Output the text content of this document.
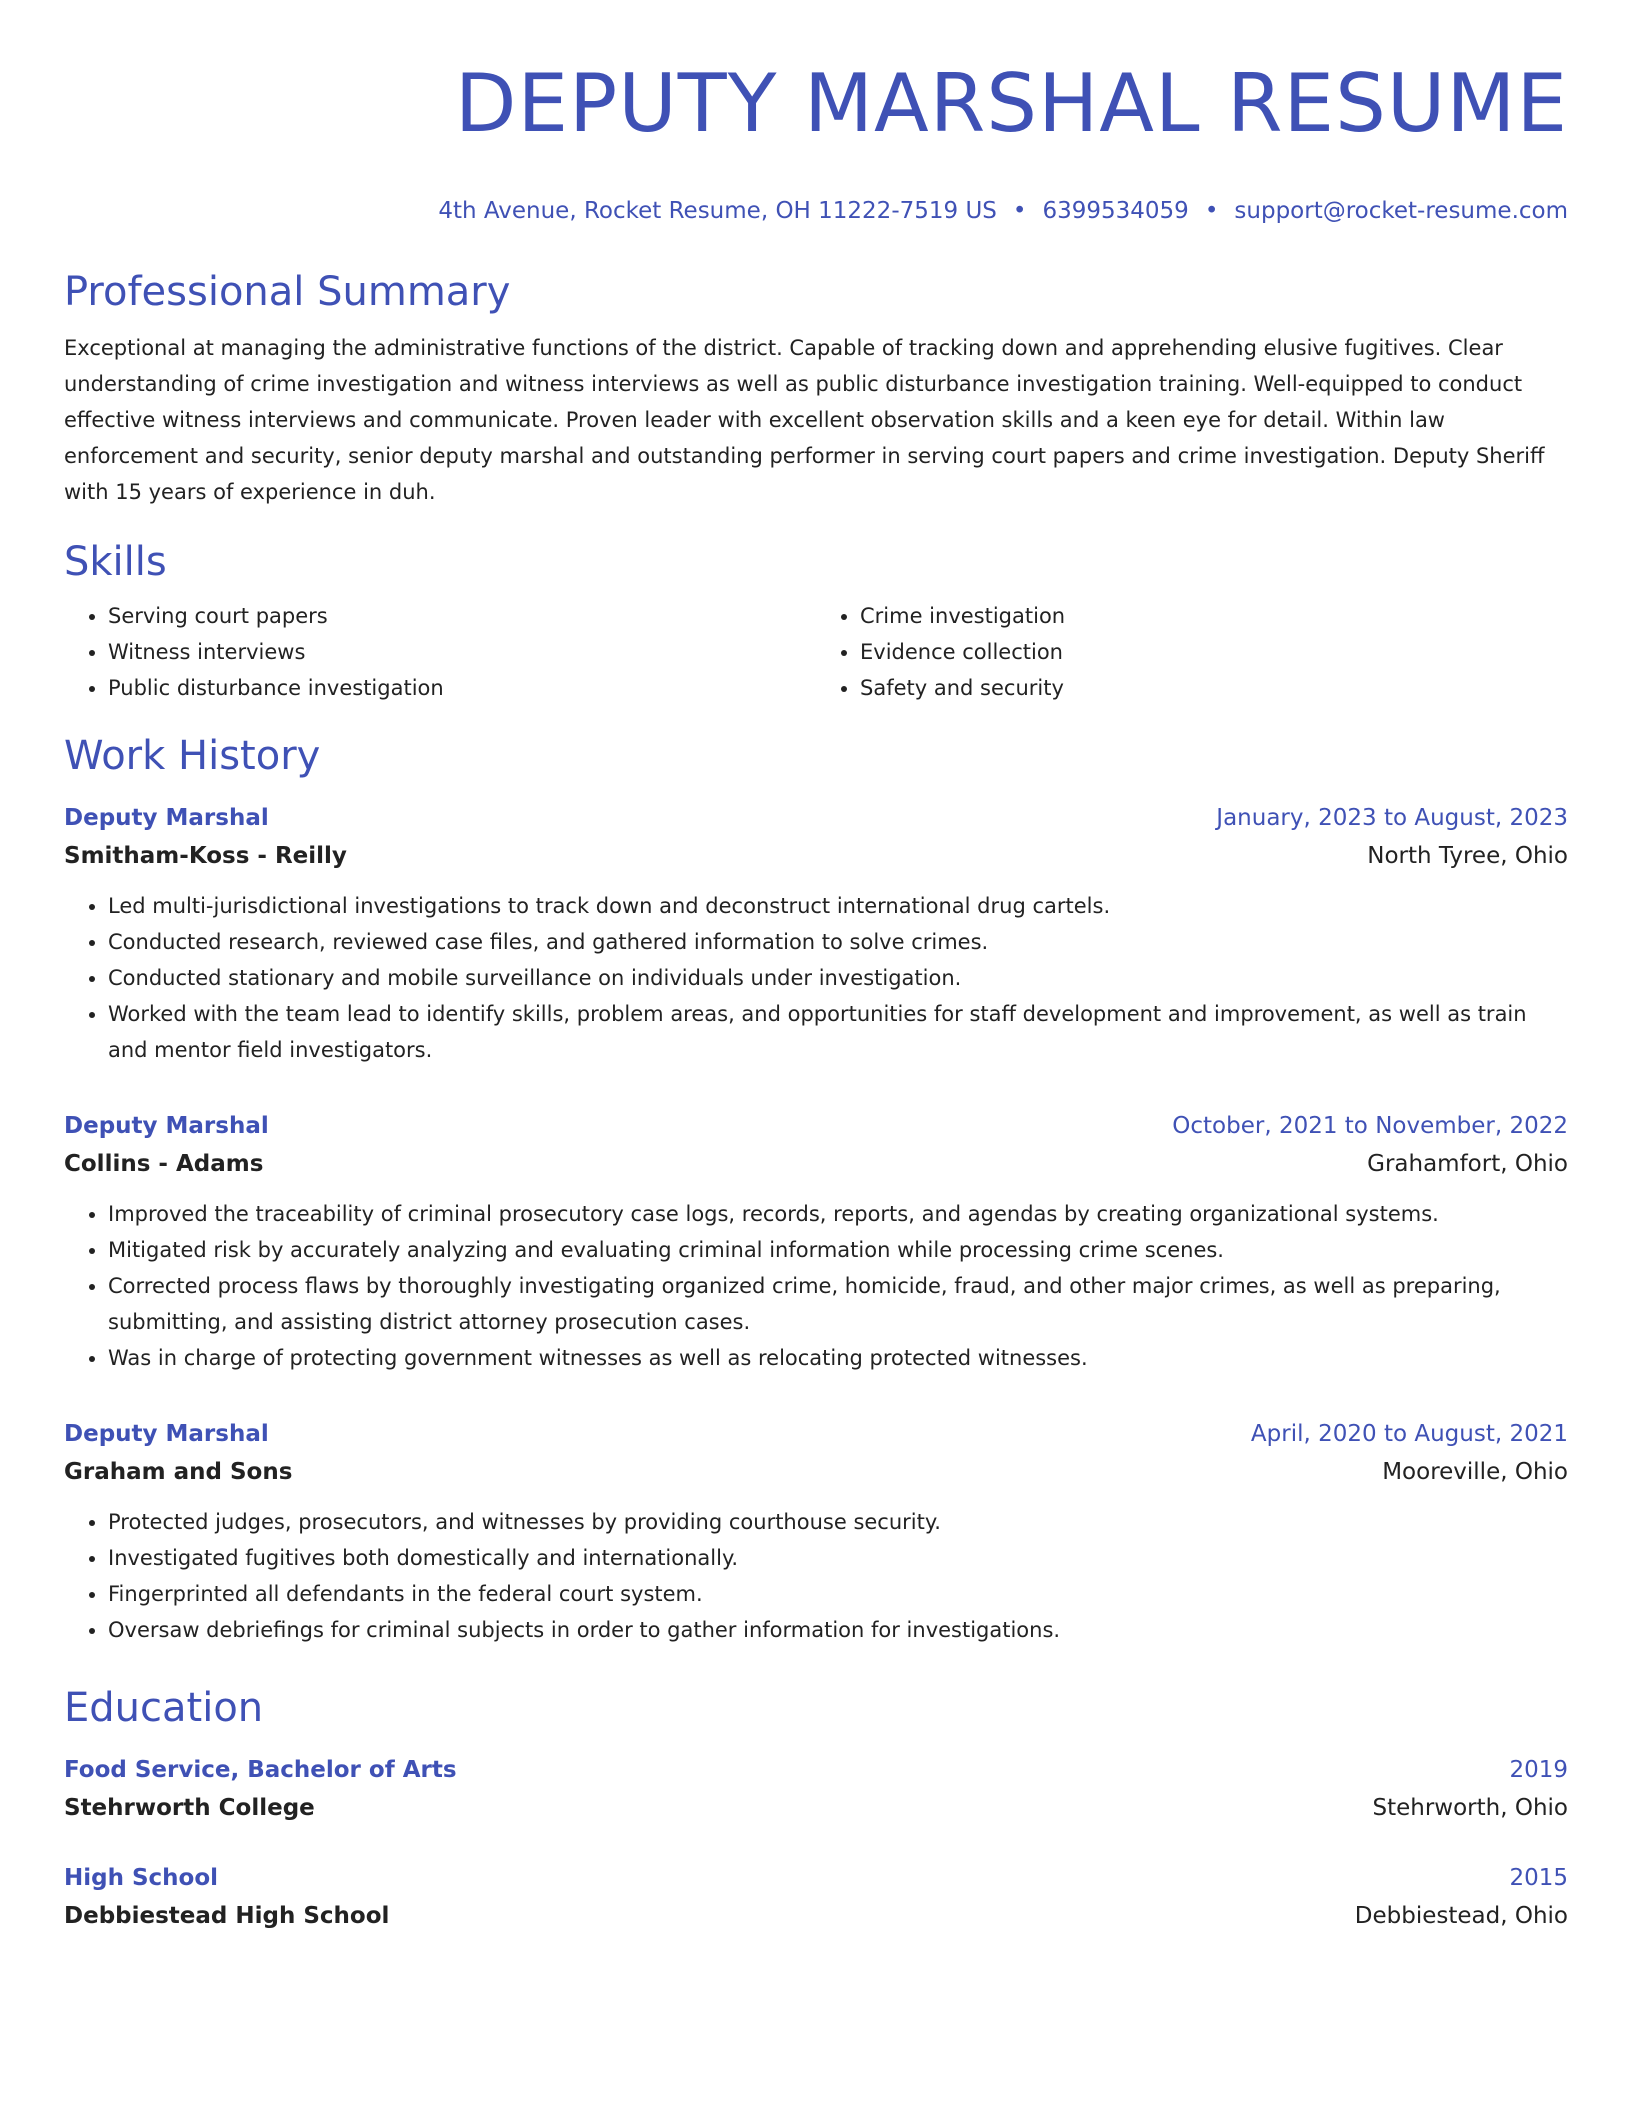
DEPUTY MARSHAL RESUME
4th Avenue, Rocket Resume, OH 11222-7519 US • 6399534059 • support@rocket-resume.com
Professional Summary
Exceptional at managing the administrative functions of the district. Capable of tracking down and apprehending elusive fugitives. Clear understanding of crime investigation and witness interviews as well as public disturbance investigation training. Well-equipped to conduct effective witness interviews and communicate. Proven leader with excellent observation skills and a keen eye for detail. Within law enforcement and security, senior deputy marshal and outstanding performer in serving court papers and crime investigation. Deputy Sheriff with 15 years of experience in duh.
Skills
• Serving court papers
• Witness interviews
• Public disturbance investigation
• Crime investigation
• Evidence collection
• Safety and security
Work History
Deputy Marshal	January, 2023 to August, 2023
Smitham-Koss - Reilly	North Tyree, Ohio
• Led multi-jurisdictional investigations to track down and deconstruct international drug cartels.
• Conducted research, reviewed case files, and gathered information to solve crimes.
• Conducted stationary and mobile surveillance on individuals under investigation.
• Worked with the team lead to identify skills, problem areas, and opportunities for staff development and improvement, as well as train and mentor field investigators.
Deputy Marshal	October, 2021 to November, 2022
Collins - Adams	Grahamfort, Ohio
• Improved the traceability of criminal prosecutory case logs, records, reports, and agendas by creating organizational systems.
• Mitigated risk by accurately analyzing and evaluating criminal information while processing crime scenes.
• Corrected process flaws by thoroughly investigating organized crime, homicide, fraud, and other major crimes, as well as preparing, submitting, and assisting district attorney prosecution cases.
• Was in charge of protecting government witnesses as well as relocating protected witnesses.
Deputy Marshal	April, 2020 to August, 2021
Graham and Sons	Mooreville, Ohio
• Protected judges, prosecutors, and witnesses by providing courthouse security.
• Investigated fugitives both domestically and internationally.
• Fingerprinted all defendants in the federal court system.
• Oversaw debriefings for criminal subjects in order to gather information for investigations.
Education
Food Service, Bachelor of Arts	2019
Stehrworth College	Stehrworth, Ohio
High School	2015
Debbiestead High School	Debbiestead, Ohio
